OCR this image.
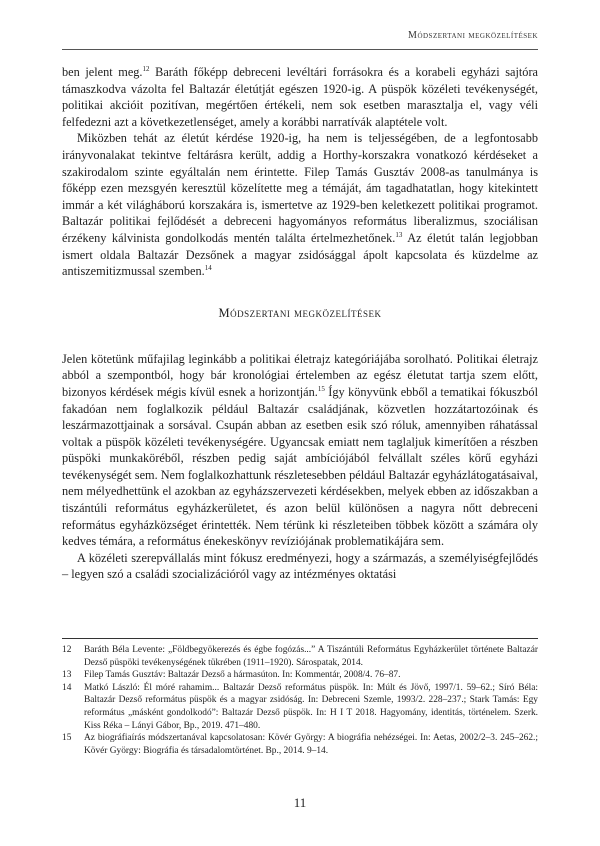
Módszertani megközelítések

ben jelent meg.$^{12}$ Baráth főképp debreceni levéltári forrásokra és a korabeli egyházi sajtóra támaszkodva vázolta fel Baltazár életútját egészen 1920-ig. A püspök közéleti tevékenységét, politikai akcióit pozitívan, megértően értékeli, nem sok esetben marasztalja el, vagy véli felfedezni azt a következetlenséget, amely a korábbi narratívák alaptétele volt.

Miközben tehát az életút kérdése 1920-ig, ha nem is teljességében, de a legfontosabb irányvonalakat tekintve feltárásra került, addig a Horthy-korszakra vonatkozó kérdéseket a szakirodalom szinte egyáltalán nem érintette. Filep Tamás Gusztáv 2008-as tanulmánya is főképp ezen mezsgyén keresztül közelítette meg a témáját, ám tagadhatatlan, hogy kitekintett immár a két világháború korszakára is, ismertetve az 1929-ben keletkezett politikai programot. Baltazár politikai fejlődését a debreceni hagyományos református liberalizmus, szociálisan érzékeny kálvinista gondolkodás mentén találta értelmezhetőnek.$^{13}$ Az életút talán legjobban ismert oldala Baltazár Dezsőnek a magyar zsidósággal ápolt kapcsolata és küzdelme az antiszemitizmussal szemben.$^{14}$

Módszertani megközelítések

Jelen kötetünk műfajilag leginkább a politikai életrajz kategóriájába sorolható. Politikai életrajz abból a szempontból, hogy bár kronológiai értelemben az egész életutat tartja szem előtt, bizonyos kérdések mégis kívül esnek a horizontján.$^{15}$ Így könyvünk ebből a tematikai fókuszból fakadóan nem foglalkozik például Baltazár családjának, közvetlen hozzátartozóinak és leszármazottjainak a sorsával. Csupán abban az esetben esik szó róluk, amennyiben ráhatással voltak a püspök közéleti tevékenységére. Ugyancsak emiatt nem taglaljuk kimerítően a részben püspöki munkaköréből, részben pedig saját ambíciójából felvállalt széles körű egyházi tevékenységét sem. Nem foglalkozhattunk részletesebben például Baltazár egyházlátogatásaival, nem mélyedhettünk el azokban az egyházszervezeti kérdésekben, melyek ebben az időszakban a tiszántúli református egyházkerületet, és azon belül különösen a nagyra nőtt debreceni református egyházközséget érintették. Nem térünk ki részleteiben többek között a számára oly kedves témára, a református énekeskönyv revíziójának problematikájára sem.

A közéleti szerepvállalás mint fókusz eredményezi, hogy a származás, a személyiségfejlődés – legyen szó a családi szocializációról vagy az intézményes oktatási

12	Baráth Béla Levente: „Földbegyökerezés és égbe fogózás...” A Tiszántúli Református Egyházkerület története Baltazár Dezső püspöki tevékenységének tükrében (1911–1920). Sárospatak, 2014.
13	Filep Tamás Gusztáv: Baltazár Dezső a hármasúton. In: Kommentár, 2008/4. 76–87.
14	Matkó László: Él móré rahamim... Baltazár Dezső református püspök. In: Múlt és Jövő, 1997/1. 59–62.; Síró Béla: Baltazár Dezső református püspök és a magyar zsidóság. In: Debreceni Szemle, 1993/2. 228–237.; Stark Tamás: Egy református „másként gondolkodó”: Baltazár Dezső püspök. In: H I T 2018. Hagyomány, identitás, történelem. Szerk. Kiss Réka – Lányi Gábor, Bp., 2019. 471–480.
15	Az biográfiaírás módszertanával kapcsolatosan: Kövér György: A biográfia nehézségei. In: Aetas, 2002/2–3. 245–262.; Kövér György: Biográfia és társadalomtörténet. Bp., 2014. 9–14.
11
